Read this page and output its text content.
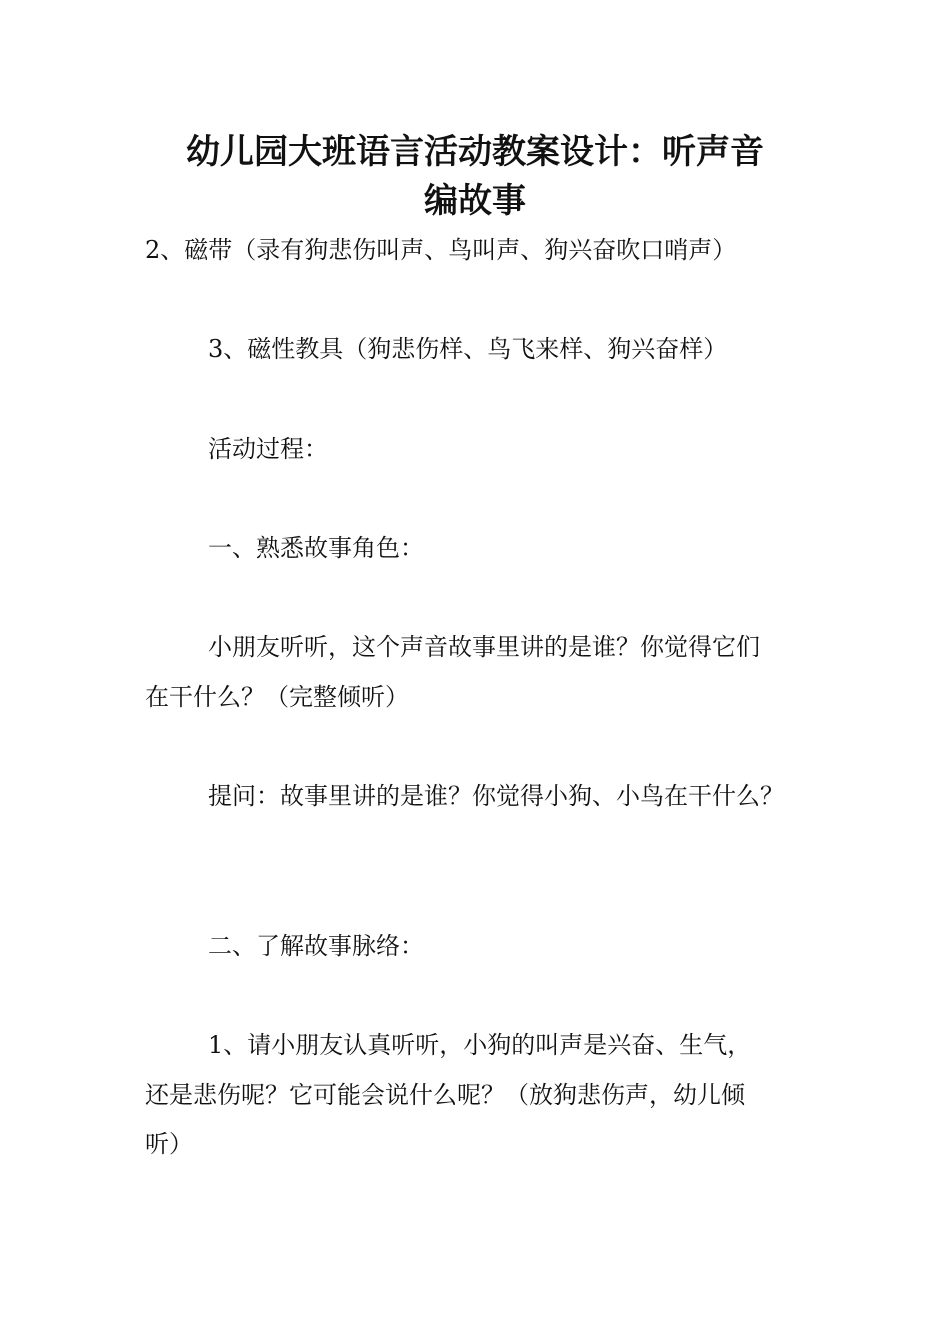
幼儿园大班语言活动教案设计：听声音
编故事

2、磁带（录有狗悲伤叫声、鸟叫声、狗兴奋吹口哨声）

3、磁性教具（狗悲伤样、鸟飞来样、狗兴奋样）

活动过程：

一、熟悉故事角色：

小朋友听听，这个声音故事里讲的是谁？你觉得它们

在干什么？（完整倾听）

提问：故事里讲的是谁？你觉得小狗、小鸟在干什么？

二、了解故事脉络：

1、请小朋友认真听听，小狗的叫声是兴奋、生气，

还是悲伤呢？它可能会说什么呢？（放狗悲伤声，幼儿倾

听）
